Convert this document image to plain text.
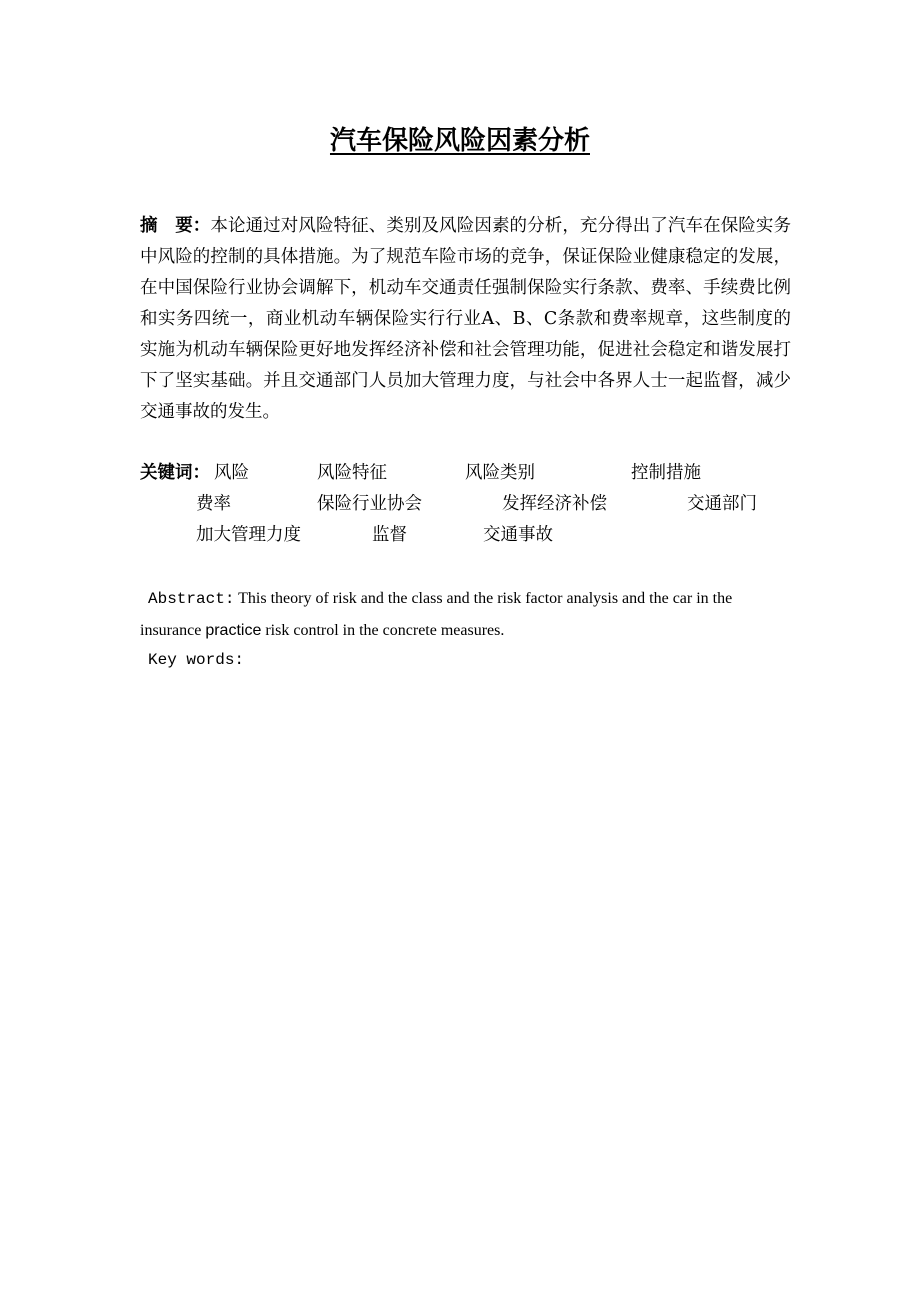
汽车保险风险因素分析
摘　要：本论通过对风险特征、类别及风险因素的分析，充分得出了汽车在保险实务中风险的控制的具体措施。为了规范车险市场的竞争，保证保险业健康稳定的发展，在中国保险行业协会调解下，机动车交通责任强制保险实行条款、费率、手续费比例和实务四统一，商业机动车辆保险实行行业A、B、C条款和费率规章，这些制度的实施为机动车辆保险更好地发挥经济补偿和社会管理功能，促进社会稳定和谐发展打下了坚实基础。并且交通部门人员加大管理力度，与社会中各界人士一起监督，减少交通事故的发生。
关键词： 风险	风险特征	风险类别	控制措施
费率	保险行业协会	发挥经济补偿	交通部门
加大管理力度	监督	交通事故
Abstract: This theory of risk and the class and the risk factor analysis and the car in the insurance practice risk control in the concrete measures.
Key words:
